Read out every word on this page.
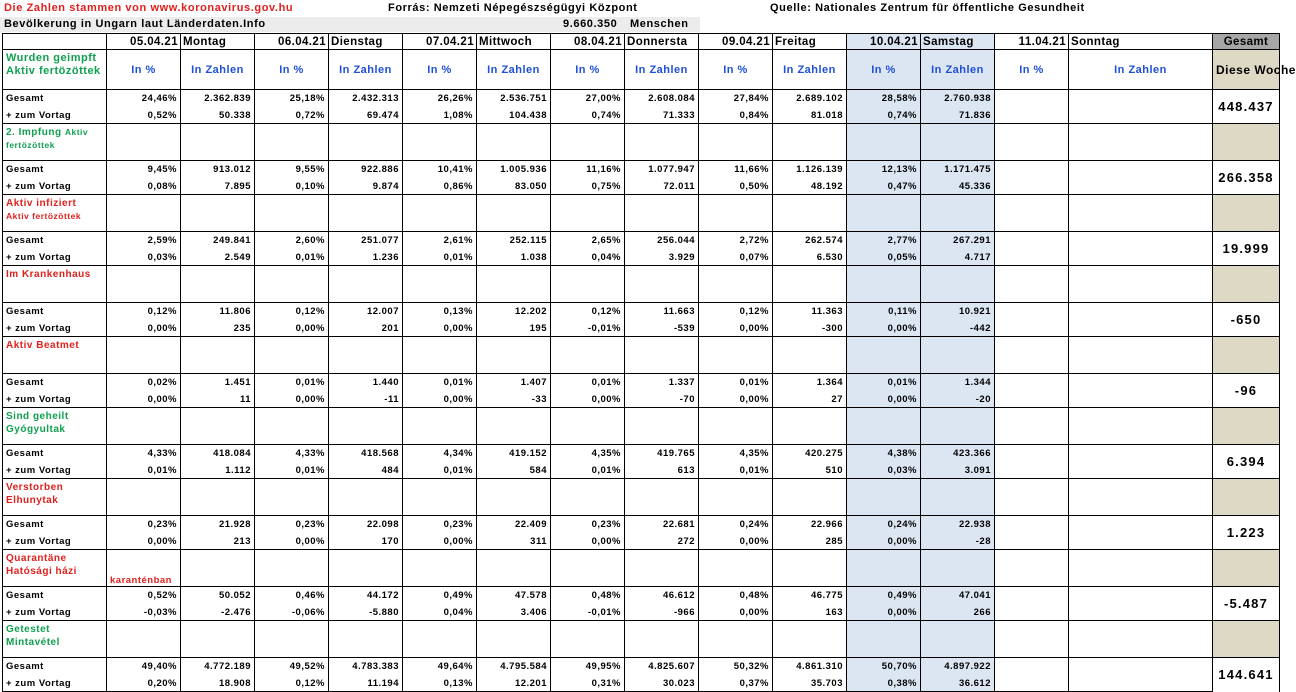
Die Zahlen stammen von www.koronavirus.gov.hu	Forrás: Nemzeti Népegészségügyi Központ	Quelle: Nationales Zentrum für öffentliche Gesundheit
Bevölkerung in Ungarn laut Länderdaten.Info	9.660.350 Menschen
	05.04.21	Montag	06.04.21	Dienstag	07.04.21	Mittwoch	08.04.21	Donnersta	09.04.21	Freitag	10.04.21	Samstag	11.04.21	Sonntag	Gesamt
Wurden geimpft
Aktiv fertözöttek	In %	In Zahlen	In %	In Zahlen	In %	In Zahlen	In %	In Zahlen	In %	In Zahlen	In %	In Zahlen	In %	In Zahlen	Diese Woche
Gesamt	24,46%	2.362.839	25,18%	2.432.313	26,26%	2.536.751	27,00%	2.608.084	27,84%	2.689.102	28,58%	2.760.938			448.437
+ zum Vortag	0,52%	50.338	0,72%	69.474	1,08%	104.438	0,74%	71.333	0,84%	81.018	0,74%	71.836			
2. Impfung Aktiv fertözöttek															
Gesamt	9,45%	913.012	9,55%	922.886	10,41%	1.005.936	11,16%	1.077.947	11,66%	1.126.139	12,13%	1.171.475			266.358
+ zum Vortag	0,08%	7.895	0,10%	9.874	0,86%	83.050	0,75%	72.011	0,50%	48.192	0,47%	45.336			
Aktiv infiziert
Aktiv fertözöttek															
Gesamt	2,59%	249.841	2,60%	251.077	2,61%	252.115	2,65%	256.044	2,72%	262.574	2,77%	267.291			19.999
+ zum Vortag	0,03%	2.549	0,01%	1.236	0,01%	1.038	0,04%	3.929	0,07%	6.530	0,05%	4.717			
Im Krankenhaus															
Gesamt	0,12%	11.806	0,12%	12.007	0,13%	12.202	0,12%	11.663	0,12%	11.363	0,11%	10.921			-650
+ zum Vortag	0,00%	235	0,00%	201	0,00%	195	-0,01%	-539	0,00%	-300	0,00%	-442			
Aktiv Beatmet															
Gesamt	0,02%	1.451	0,01%	1.440	0,01%	1.407	0,01%	1.337	0,01%	1.364	0,01%	1.344			-96
+ zum Vortag	0,00%	11	0,00%	-11	0,00%	-33	0,00%	-70	0,00%	27	0,00%	-20			
Sind geheilt
Gyógyultak															
Gesamt	4,33%	418.084	4,33%	418.568	4,34%	419.152	4,35%	419.765	4,35%	420.275	4,38%	423.366			6.394
+ zum Vortag	0,01%	1.112	0,01%	484	0,01%	584	0,01%	613	0,01%	510	0,03%	3.091			
Verstorben
Elhunytak															
Gesamt	0,23%	21.928	0,23%	22.098	0,23%	22.409	0,23%	22.681	0,24%	22.966	0,24%	22.938			1.223
+ zum Vortag	0,00%	213	0,00%	170	0,00%	311	0,00%	272	0,00%	285	0,00%	-28			
Quarantäne
Hatósági házi	karanténban														
Gesamt	0,52%	50.052	0,46%	44.172	0,49%	47.578	0,48%	46.612	0,48%	46.775	0,49%	47.041			-5.487
+ zum Vortag	-0,03%	-2.476	-0,06%	-5.880	0,04%	3.406	-0,01%	-966	0,00%	163	0,00%	266			
Getestet
Mintavétel															
Gesamt	49,40%	4.772.189	49,52%	4.783.383	49,64%	4.795.584	49,95%	4.825.607	50,32%	4.861.310	50,70%	4.897.922			144.641
+ zum Vortag	0,20%	18.908	0,12%	11.194	0,13%	12.201	0,31%	30.023	0,37%	35.703	0,38%	36.612			
